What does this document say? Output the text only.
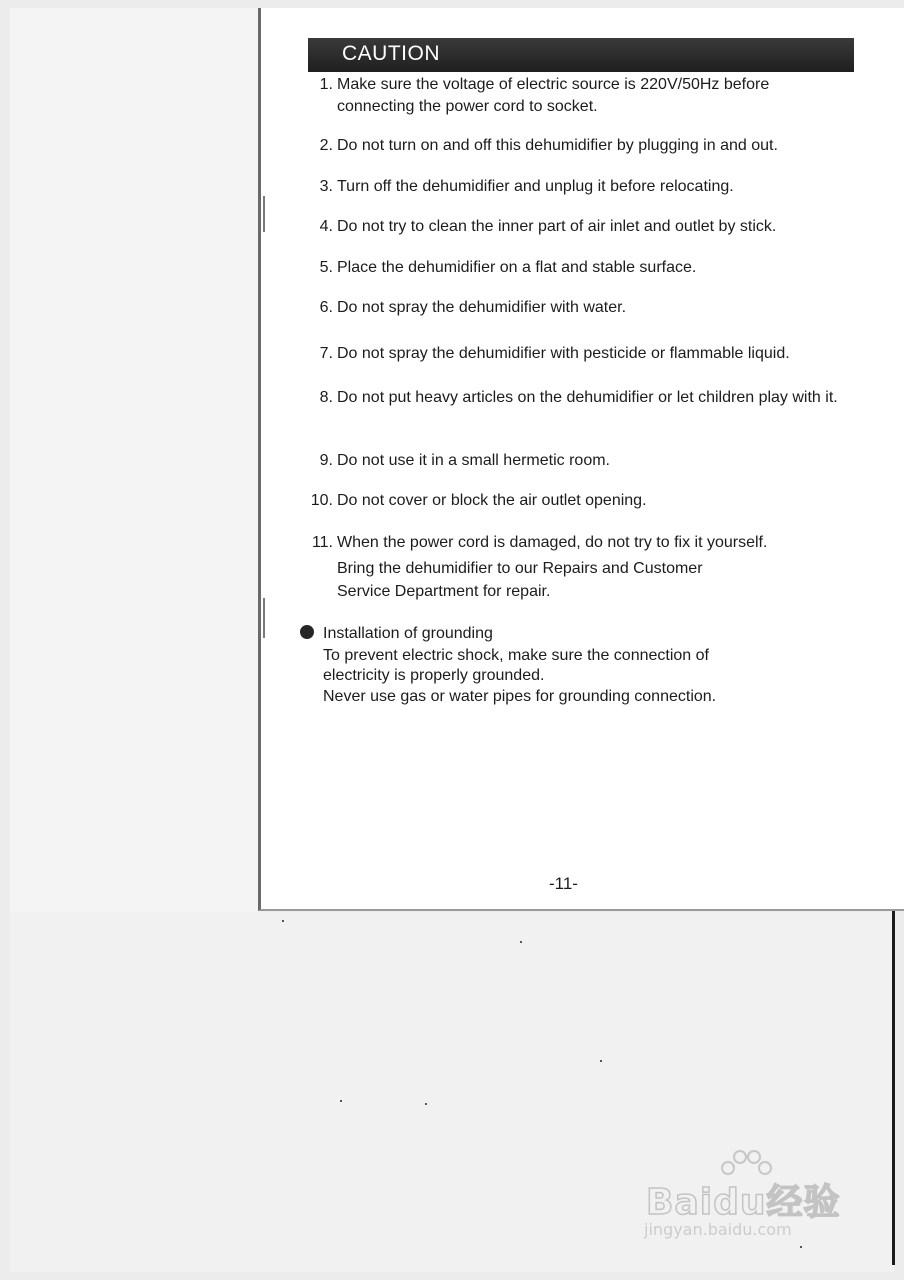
CAUTION
1. Make sure the voltage of electric source is 220V/50Hz before connecting the power cord to socket.
2. Do not turn on and off this dehumidifier by plugging in and out.
3. Turn off the dehumidifier and unplug it before relocating.
4. Do not try to clean the inner part of air inlet and outlet by stick.
5. Place the dehumidifier on a flat and stable surface.
6. Do not spray the dehumidifier with water.
7. Do not spray the dehumidifier with pesticide or flammable liquid.
8. Do not put heavy articles on the dehumidifier or let children play with it.
9. Do not use it in a small hermetic room.
10. Do not cover or block the air outlet opening.
11. When the power cord is damaged, do not try to fix it yourself.
Bring the dehumidifier to our Repairs and Customer
Service Department for repair.
Installation of grounding
To prevent electric shock, make sure the connection of
electricity is properly grounded.
Never use gas or water pipes for grounding connection.
-11-
Baidu经验
jingyan.baidu.com
